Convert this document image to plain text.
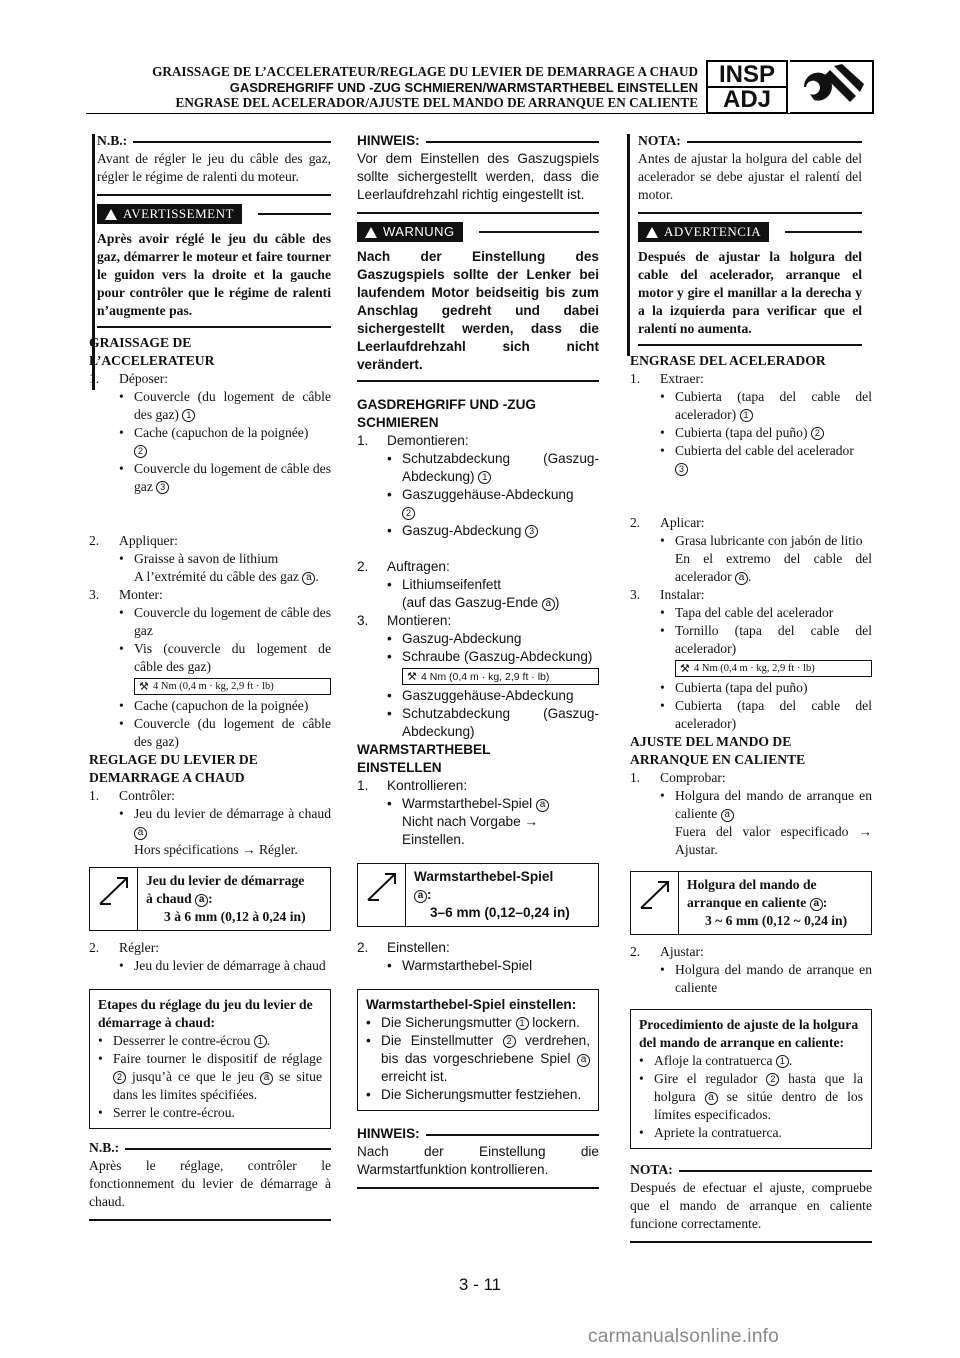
GRAISSAGE DE L’ACCELERATEUR/REGLAGE DU LEVIER DE DEMARRAGE A CHAUD
GASDREHGRIFF UND -ZUG SCHMIEREN/WARMSTARTHEBEL EINSTELLEN
ENGRASE DEL ACELERADOR/AJUSTE DEL MANDO DE ARRANQUE EN CALIENTE
INSP
ADJ
N.B.:
Avant de régler le jeu du câble des gaz, régler le régime de ralenti du moteur.
AVERTISSEMENT
Après avoir réglé le jeu du câble des gaz, démarrer le moteur et faire tourner le guidon vers la droite et la gauche pour contrôler que le régime de ralenti n’augmente pas.
GRAISSAGE DE
L’ACCELERATEUR
1.	Déposer:
• Couvercle (du logement de câble des gaz) 1
• Cache (capuchon de la poignée)
2
• Couvercle du logement de câble des gaz 3
2.	Appliquer:
• Graisse à savon de lithium
A l’extrémité du câble des gaz a .
3.	Monter:
• Couvercle du logement de câble des gaz
• Vis (couvercle du logement de câble des gaz)
⚒ 4 Nm (0,4 m · kg, 2,9 ft · lb)
• Cache (capuchon de la poignée)
• Couvercle (du logement de câble des gaz)
REGLAGE DU LEVIER DE
DEMARRAGE A CHAUD
1.	Contrôler:
• Jeu du levier de démarrage à chaud a
Hors spécifications → Régler.
Jeu du levier de démarrage
à chaud a :
3 à 6 mm (0,12 à 0,24 in)
2.	Régler:
• Jeu du levier de démarrage à chaud
Etapes du réglage du jeu du levier de démarrage à chaud:
• Desserrer le contre-écrou 1 .
• Faire tourner le dispositif de réglage 2 jusqu’à ce que le jeu a se situe dans les limites spécifiées.
• Serrer le contre-écrou.
N.B.:
Après le réglage, contrôler le fonctionnement du levier de démarrage à chaud.
HINWEIS:
Vor dem Einstellen des Gaszugspiels sollte sichergestellt werden, dass die Leerlaufdrehzahl richtig eingestellt ist.
WARNUNG
Nach der Einstellung des Gaszugspiels sollte der Lenker bei laufendem Motor beidseitig bis zum Anschlag gedreht und dabei sichergestellt werden, dass die Leerlaufdrehzahl sich nicht verändert.
GASDREHGRIFF UND -ZUG
SCHMIEREN
1.	Demontieren:
• Schutzabdeckung (Gaszug-Abdeckung) 1
• Gaszuggehäuse-Abdeckung
2
• Gaszug-Abdeckung 3
2.	Auftragen:
• Lithiumseifenfett
(auf das Gaszug-Ende a )
3.	Montieren:
• Gaszug-Abdeckung
• Schraube (Gaszug-Abdeckung)
⚒ 4 Nm (0,4 m · kg, 2,9 ft · lb)
• Gaszuggehäuse-Abdeckung
• Schutzabdeckung (Gaszug-Abdeckung)
WARMSTARTHEBEL
EINSTELLEN
1.	Kontrollieren:
• Warmstarthebel-Spiel a
Nicht nach Vorgabe → Einstellen.
Warmstarthebel-Spiel
a :
3–6 mm (0,12–0,24 in)
2.	Einstellen:
• Warmstarthebel-Spiel
Warmstarthebel-Spiel einstellen:
• Die Sicherungsmutter 1 lockern.
• Die Einstellmutter 2 verdrehen, bis das vorgeschriebene Spiel a erreicht ist.
• Die Sicherungsmutter festziehen.
HINWEIS:
Nach der Einstellung die Warmstartfunktion kontrollieren.
NOTA:
Antes de ajustar la holgura del cable del acelerador se debe ajustar el ralentí del motor.
ADVERTENCIA
Después de ajustar la holgura del cable del acelerador, arranque el motor y gire el manillar a la derecha y a la izquierda para verificar que el ralentí no aumenta.
ENGRASE DEL ACELERADOR
1.	Extraer:
• Cubierta (tapa del cable del acelerador) 1
• Cubierta (tapa del puño) 2
• Cubierta del cable del acelerador
3
2.	Aplicar:
• Grasa lubricante con jabón de litio
En el extremo del cable del acelerador a .
3.	Instalar:
• Tapa del cable del acelerador
• Tornillo (tapa del cable del acelerador)
⚒ 4 Nm (0,4 m · kg, 2,9 ft · lb)
• Cubierta (tapa del puño)
• Cubierta (tapa del cable del acelerador)
AJUSTE DEL MANDO DE
ARRANQUE EN CALIENTE
1.	Comprobar:
• Holgura del mando de arranque en caliente a
Fuera del valor especificado → Ajustar.
Holgura del mando de
arranque en caliente a :
3 ~ 6 mm (0,12 ~ 0,24 in)
2.	Ajustar:
• Holgura del mando de arranque en caliente
Procedimiento de ajuste de la holgura del mando de arranque en caliente:
• Afloje la contratuerca 1 .
• Gire el regulador 2 hasta que la holgura a se sitúe dentro de los límites especificados.
• Apriete la contratuerca.
NOTA:
Después de efectuar el ajuste, compruebe que el mando de arranque en caliente funcione correctamente.
3 - 11
carmanualsonline.info
